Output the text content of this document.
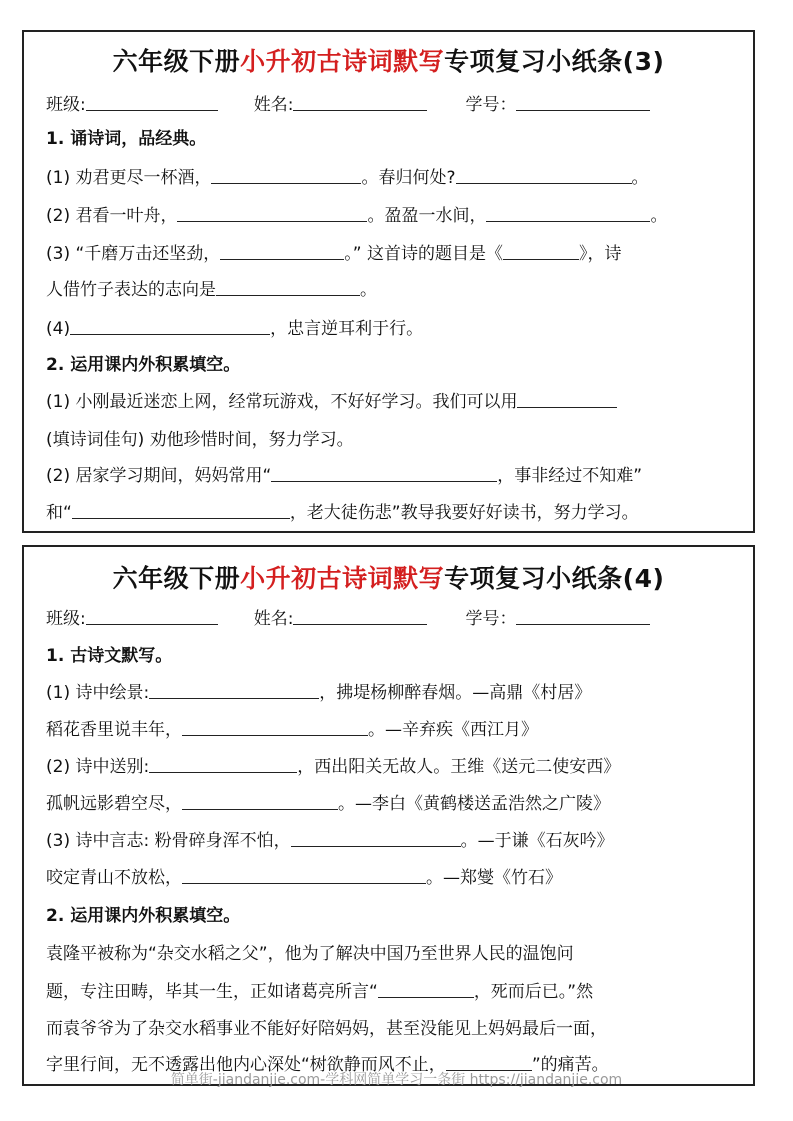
六年级下册小升初古诗词默写专项复习小纸条(3)
班级:	姓名:	学号：
1. 诵诗词，品经典。
(1) 劝君更尽一杯酒，	。春归何处?	。
(2) 君看一叶舟，	。盈盈一水间，	。
(3) “千磨万击还坚劲，	。” 这首诗的题目是《	》，诗
人借竹子表达的志向是	。
(4)	，忠言逆耳利于行。
2. 运用课内外积累填空。
(1) 小刚最近迷恋上网，经常玩游戏，不好好学习。我们可以用
(填诗词佳句) 劝他珍惜时间，努力学习。
(2) 居家学习期间，妈妈常用“	，事非经过不知难”
和“	，老大徒伤悲”教导我要好好读书，努力学习。
六年级下册小升初古诗词默写专项复习小纸条(4)
班级:	姓名:	学号：
1. 古诗文默写。
(1) 诗中绘景:	，拂堤杨柳醉春烟。—高鼎《村居》
稻花香里说丰年，	。—辛弃疾《西江月》
(2) 诗中送别:	，西出阳关无故人。王维《送元二使安西》
孤帆远影碧空尽，	。—李白《黄鹤楼送孟浩然之广陵》
(3) 诗中言志: 粉骨碎身浑不怕，	。—于谦《石灰吟》
咬定青山不放松，	。—郑燮《竹石》
2. 运用课内外积累填空。
袁隆平被称为“杂交水稻之父”，他为了解决中国乃至世界人民的温饱问
题，专注田畴，毕其一生，正如诸葛亮所言“	，死而后已。”然
而袁爷爷为了杂交水稻事业不能好好陪妈妈，甚至没能见上妈妈最后一面，
字里行间，无不透露出他内心深处“树欲静而风不止，	”的痛苦。
简单街-jiandanjie.com-学科网简单学习一条街 https://jiandanjie.com
